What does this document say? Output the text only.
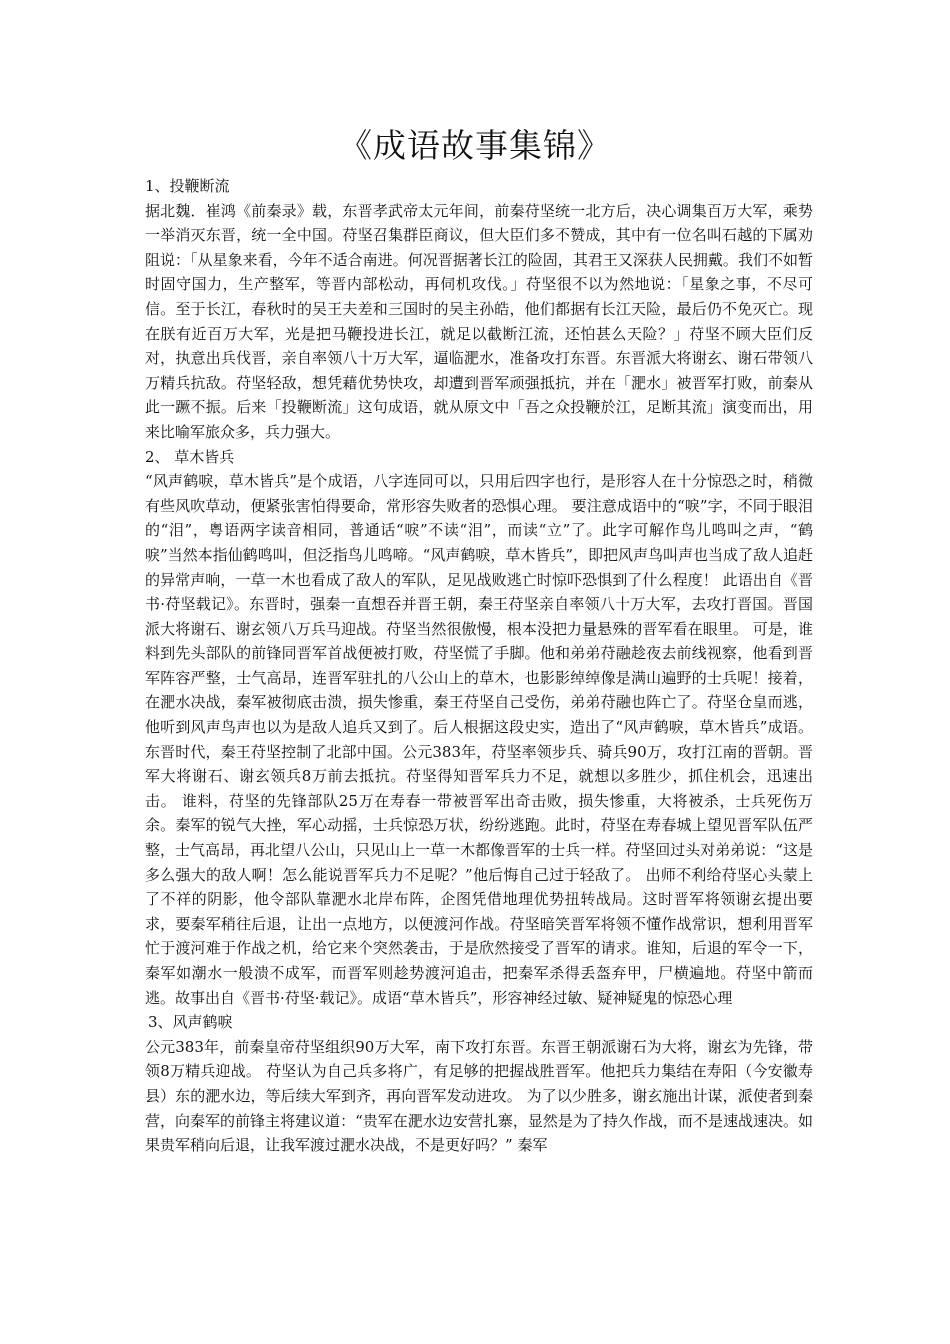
《成语故事集锦》

1、投鞭断流

据北魏．崔鸿《前秦录》载，东晋孝武帝太元年间，前秦苻坚统一北方后，决心调集百万大军，乘势一举消灭东晋，统一全中国。苻坚召集群臣商议，但大臣们多不赞成，其中有一位名叫石越的下属劝阻说：「从星象来看，今年不适合南进。何况晋据著长江的险固，其君王又深获人民拥戴。我们不如暂时固守国力，生产整军，等晋内部松动，再伺机攻伐。」苻坚很不以为然地说：「星象之事，不尽可信。至于长江，春秋时的吴王夫差和三国时的吴主孙皓，他们都据有长江天险，最后仍不免灭亡。现在朕有近百万大军，光是把马鞭投进长江，就足以截断江流，还怕甚么天险？」苻坚不顾大臣们反对，执意出兵伐晋，亲自率领八十万大军，逼临淝水，准备攻打东晋。东晋派大将谢玄、谢石带领八万精兵抗敌。苻坚轻敌，想凭藉优势快攻，却遭到晋军顽强抵抗，并在「淝水」被晋军打败，前秦从此一蹶不振。后来「投鞭断流」这句成语，就从原文中「吾之众投鞭於江，足断其流」演变而出，用来比喻军旅众多，兵力强大。

2、 草木皆兵

“风声鹤唳，草木皆兵”是个成语，八字连同可以，只用后四字也行，是形容人在十分惊恐之时，稍微有些风吹草动，便紧张害怕得要命，常形容失败者的恐惧心理。 要注意成语中的“唳”字，不同于眼泪的“泪”，粤语两字读音相同，普通话“唳”不读“泪”，而读“立”了。此字可解作鸟儿鸣叫之声，“鹤唳”当然本指仙鹤鸣叫，但泛指鸟儿鸣啼。“风声鹤唳，草木皆兵”，即把风声鸟叫声也当成了敌人追赶的异常声响，一草一木也看成了敌人的军队，足见战败逃亡时惊吓恐惧到了什么程度！ 此语出自《晋书·苻坚载记》。东晋时，强秦一直想吞并晋王朝，秦王苻坚亲自率领八十万大军，去攻打晋国。晋国派大将谢石、谢玄领八万兵马迎战。苻坚当然很傲慢，根本没把力量悬殊的晋军看在眼里。 可是，谁料到先头部队的前锋同晋军首战便被打败，苻坚慌了手脚。他和弟弟苻融趁夜去前线视察，他看到晋军阵容严整，士气高昂，连晋军驻扎的八公山上的草木，也影影绰绰像是满山遍野的士兵呢！接着，在淝水决战，秦军被彻底击溃，损失惨重，秦王苻坚自己受伤，弟弟苻融也阵亡了。苻坚仓皇而逃，他听到风声鸟声也以为是敌人追兵又到了。后人根据这段史实，造出了“风声鹤唳，草木皆兵”成语。东晋时代，秦王苻坚控制了北部中国。公元383年，苻坚率领步兵、骑兵90万，攻打江南的晋朝。晋军大将谢石、谢玄领兵8万前去抵抗。苻坚得知晋军兵力不足，就想以多胜少，抓住机会，迅速出击。 谁料，苻坚的先锋部队25万在寿春一带被晋军出奇击败，损失惨重，大将被杀，士兵死伤万余。秦军的锐气大挫，军心动摇，士兵惊恐万状，纷纷逃跑。此时，苻坚在寿春城上望见晋军队伍严整，士气高昂，再北望八公山，只见山上一草一木都像晋军的士兵一样。苻坚回过头对弟弟说：“这是多么强大的敌人啊！怎么能说晋军兵力不足呢？”他后悔自己过于轻敌了。 出师不利给苻坚心头蒙上了不祥的阴影，他令部队靠淝水北岸布阵，企图凭借地理优势扭转战局。这时晋军将领谢玄提出要求，要秦军稍往后退，让出一点地方，以便渡河作战。苻坚暗笑晋军将领不懂作战常识，想利用晋军忙于渡河难于作战之机，给它来个突然袭击，于是欣然接受了晋军的请求。谁知，后退的军令一下，秦军如潮水一般溃不成军，而晋军则趁势渡河追击，把秦军杀得丢盔弃甲，尸横遍地。苻坚中箭而逃。故事出自《晋书·苻坚·载记》。成语“草木皆兵”，形容神经过敏、疑神疑鬼的惊恐心理

3、风声鹤唳

公元383年，前秦皇帝苻坚组织90万大军，南下攻打东晋。东晋王朝派谢石为大将，谢玄为先锋，带领8万精兵迎战。 苻坚认为自己兵多将广，有足够的把握战胜晋军。他把兵力集结在寿阳（今安徽寿县）东的淝水边，等后续大军到齐，再向晋军发动进攻。 为了以少胜多，谢玄施出计谋，派使者到秦营，向秦军的前锋主将建议道：“贵军在淝水边安营扎寨，显然是为了持久作战，而不是速战速决。如果贵军稍向后退，让我军渡过淝水决战，不是更好吗？” 秦军
